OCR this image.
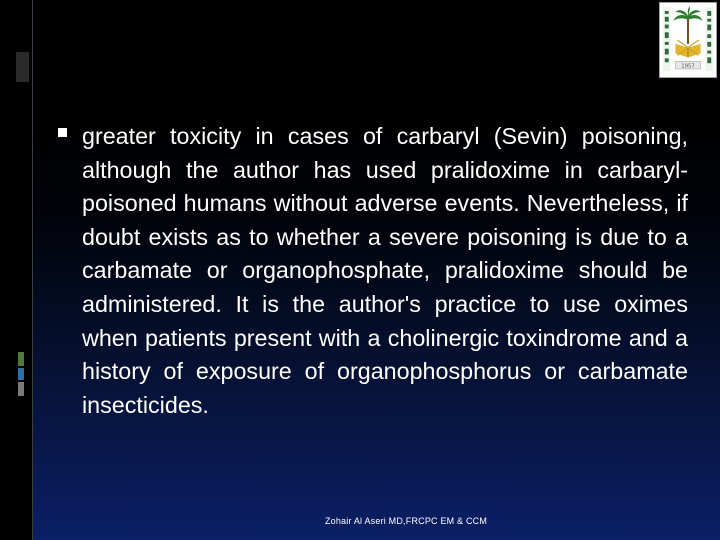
1957

greater toxicity in cases of carbaryl (Sevin) poisoning, although the author has used pralidoxime in carbaryl-poisoned humans without adverse events. Nevertheless, if doubt exists as to whether a severe poisoning is due to a carbamate or organophosphate, pralidoxime should be administered. It is the author's practice to use oximes when patients present with a cholinergic toxindrome and a history of exposure of organophosphorus or carbamate insecticides.

Zohair Al Aseri MD,FRCPC EM & CCM
